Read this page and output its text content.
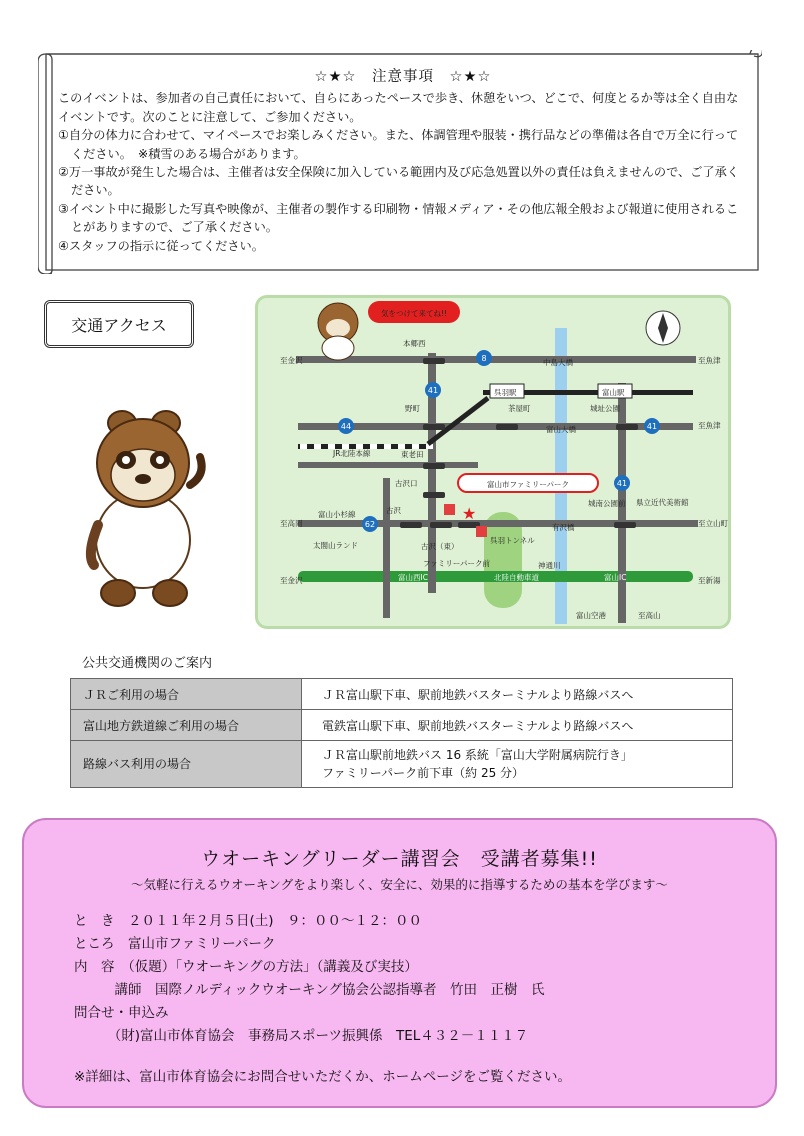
☆★☆　注意事項　☆★☆

このイベントは、参加者の自己責任において、自らにあったペースで歩き、休憩をいつ、どこで、何度とるか等は全く自由なイベントです。次のことに注意して、ご参加ください。

①自分の体力に合わせて、マイペースでお楽しみください。また、体調管理や服装・携行品などの準備は各自で万全に行ってください。　※積雪のある場合があります。

②万一事故が発生した場合は、主催者は安全保険に加入している範囲内及び応急処置以外の責任は負えませんので、ご了承ください。

③イベント中に撮影した写真や映像が、主催者の製作する印刷物・情報メディア・その他広報全般および報道に使用されることがありますので、ご了承ください。

④スタッフの指示に従ってください。

交通アクセス
8
41
44	41
41
62
★
富山市ファミリーパーク
気をつけて来てね!!
本郷西
呉羽駅	富山駅
中島大橋
野町	茶屋町
富山大橋
JR北陸本線	東老田
古沢口
古沢
富山小杉線
古沢（東）
ファミリーパーク前
呉羽トンネル
有沢橋
神通川
北陸自動車道
富山西IC	富山IC
富山空港
太閤山ランド
城址公園
県立近代美術館
城南公園前
至金沢
至高岡
至金沢
至魚津
至魚津
至立山町
至新湯
至高山
公共交通機関のご案内
ＪＲご利用の場合	ＪＲ富山駅下車、駅前地鉄バスターミナルより路線バスへ
富山地方鉄道線ご利用の場合	電鉄富山駅下車、駅前地鉄バスターミナルより路線バスへ
路線バス利用の場合	ＪＲ富山駅前地鉄バス 16 系統「富山大学附属病院行き」
ファミリーパーク前下車（約 25 分）
ウオーキングリーダー講習会　受講者募集!!
～気軽に行えるウオーキングをより楽しく、安全に、効果的に指導するための基本を学びます～
と　き　２０１１年２月５日(土)　９：００～１２：００
ところ　富山市ファミリーパーク
内　容　（仮題）「ウオーキングの方法」（講義及び実技）
　　　講師　国際ノルディックウオーキング協会公認指導者　竹田　正樹　氏
問合せ・申込み
　　　（財)富山市体育協会　事務局スポーツ振興係　TEL４３２－１１１７
※詳細は、富山市体育協会にお問合せいただくか、ホームページをご覧ください。
